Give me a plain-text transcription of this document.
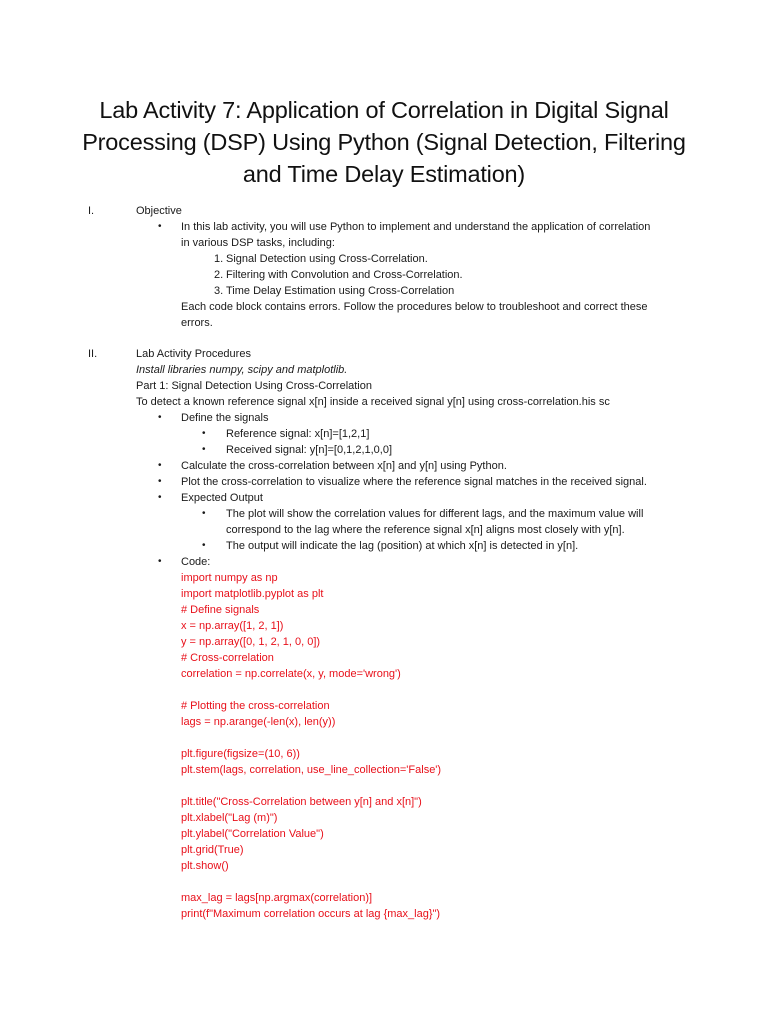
Lab Activity 7: Application of Correlation in Digital Signal
Processing (DSP) Using Python (Signal Detection, Filtering
and Time Delay Estimation)
I.	Objective
• In this lab activity, you will use Python to implement and understand the application of correlation
in various DSP tasks, including:
1. Signal Detection using Cross-Correlation.
2. Filtering with Convolution and Cross-Correlation.
3. Time Delay Estimation using Cross-Correlation
Each code block contains errors. Follow the procedures below to troubleshoot and correct these
errors.
II.	Lab Activity Procedures
Install libraries numpy, scipy and matplotlib.
Part 1: Signal Detection Using Cross-Correlation
To detect a known reference signal x[n] inside a received signal y[n] using cross-correlation.his sc
• Define the signals
• Reference signal: x[n]=[1,2,1]
• Received signal: y[n]=[0,1,2,1,0,0]
• Calculate the cross-correlation between x[n] and y[n] using Python.
• Plot the cross-correlation to visualize where the reference signal matches in the received signal.
• Expected Output
• The plot will show the correlation values for different lags, and the maximum value will
correspond to the lag where the reference signal x[n] aligns most closely with y[n].
• The output will indicate the lag (position) at which x[n] is detected in y[n].
• Code:
import numpy as np
import matplotlib.pyplot as plt
# Define signals
x = np.array([1, 2, 1])
y = np.array([0, 1, 2, 1, 0, 0])
# Cross-correlation
correlation = np.correlate(x, y, mode='wrong')
# Plotting the cross-correlation
lags = np.arange(-len(x), len(y))
plt.figure(figsize=(10, 6))
plt.stem(lags, correlation, use_line_collection='False')
plt.title("Cross-Correlation between y[n] and x[n]")
plt.xlabel("Lag (m)")
plt.ylabel("Correlation Value")
plt.grid(True)
plt.show()
max_lag = lags[np.argmax(correlation)]
print(f"Maximum correlation occurs at lag {max_lag}")
